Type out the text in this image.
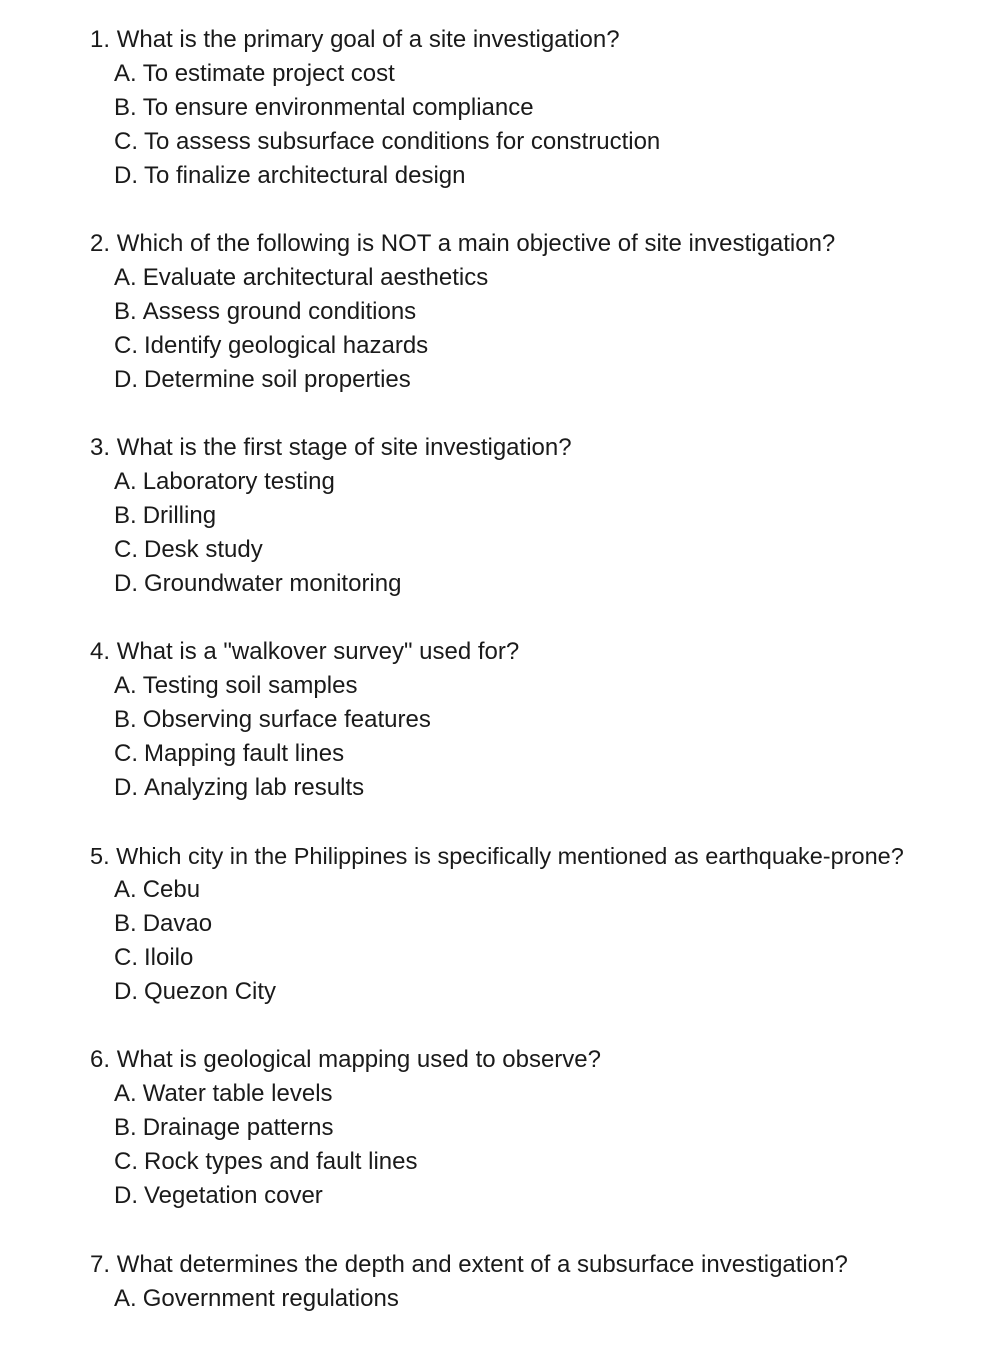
1. What is the primary goal of a site investigation?
A. To estimate project cost
B. To ensure environmental compliance
C. To assess subsurface conditions for construction
D. To finalize architectural design
2. Which of the following is NOT a main objective of site investigation?
A. Evaluate architectural aesthetics
B. Assess ground conditions
C. Identify geological hazards
D. Determine soil properties
3. What is the first stage of site investigation?
A. Laboratory testing
B. Drilling
C. Desk study
D. Groundwater monitoring
4. What is a "walkover survey" used for?
A. Testing soil samples
B. Observing surface features
C. Mapping fault lines
D. Analyzing lab results
5. Which city in the Philippines is specifically mentioned as earthquake-prone?
A. Cebu
B. Davao
C. Iloilo
D. Quezon City
6. What is geological mapping used to observe?
A. Water table levels
B. Drainage patterns
C. Rock types and fault lines
D. Vegetation cover
7. What determines the depth and extent of a subsurface investigation?
A. Government regulations
